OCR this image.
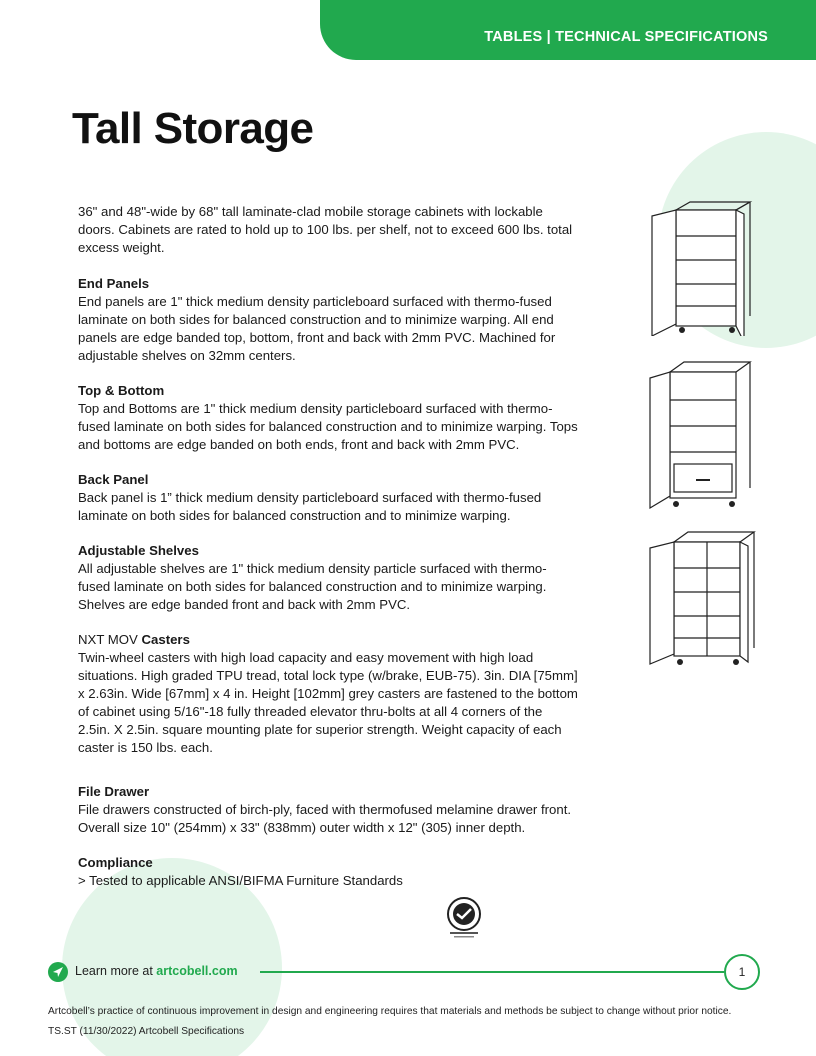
TABLES | TECHNICAL SPECIFICATIONS
Tall Storage

36" and 48"-wide by 68" tall laminate-clad mobile storage cabinets with lockable doors. Cabinets are rated to hold up to 100 lbs. per shelf, not to exceed 600 lbs. total excess weight.

End Panels

End panels are 1" thick medium density particleboard surfaced with thermo-fused laminate on both sides for balanced construction and to minimize warping. All end panels are edge banded top, bottom, front and back with 2mm PVC. Machined for adjustable shelves on 32mm centers.

Top & Bottom

Top and Bottoms are 1" thick medium density particleboard surfaced with thermo-fused laminate on both sides for balanced construction and to minimize warping. Tops and bottoms are edge banded on both ends, front and back with 2mm PVC.

Back Panel

Back panel is 1” thick medium density particleboard surfaced with thermo-fused laminate on both sides for balanced construction and to minimize warping.

Adjustable Shelves

All adjustable shelves are 1" thick medium density particle surfaced with thermo-fused laminate on both sides for balanced construction and to minimize warping. Shelves are edge banded front and back with 2mm PVC.

NXT MOV Casters

Twin-wheel casters with high load capacity and easy movement with high load situations. High graded TPU tread, total lock type (w/brake, EUB-75). 3in. DIA [75mm] x 2.63in. Wide [67mm] x 4 in. Height [102mm] grey casters are fastened to the bottom of cabinet using 5/16"-18 fully threaded elevator thru-bolts at all 4 corners of the 2.5in. X 2.5in. square mounting plate for superior strength. Weight capacity of each caster is 150 lbs. each.

File Drawer

File drawers constructed of birch-ply, faced with thermofused melamine drawer front. Overall size 10" (254mm) x 33" (838mm) outer width x 12" (305) inner depth.

Compliance

> Tested to applicable ANSI/BIFMA Furniture Standards

Learn more at artcobell.com	1

Artcobell’s practice of continuous improvement in design and engineering requires that materials and methods be subject to change without prior notice.

TS.ST (11/30/2022) Artcobell Specifications
